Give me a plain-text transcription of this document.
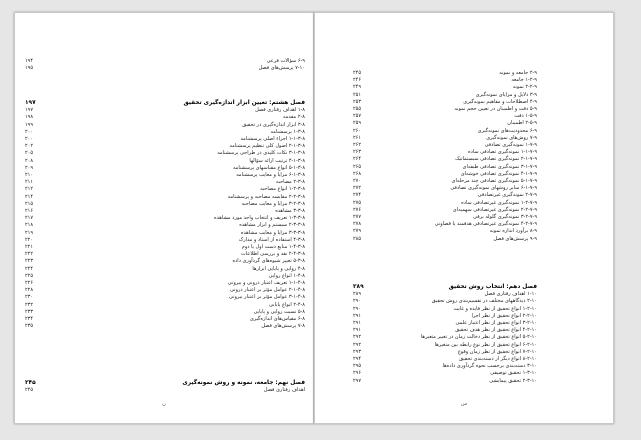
ن
۱۹۴	۶-۹ سؤالات فرعی
۱۹۵	۷-۱۰ پرسش‌های فصل
۱۹۷	فصل هشتم: تعیین ابزار اندازه‌گیری تحقیق
۱۹۷	۱-۸ اهداف رفتاری فصل
۱۹۸	۲-۸ مقدمه
۱۹۹	۳-۸ ابزار اندازه‌گیری در تحقیق
۲۰۰	۱-۳-۸ پرسشنامه
۲۰۰	۱-۱-۳-۸ اجزاء اصلی پرسشنامه
۲۰۲	۲-۱-۳-۸ اصول کلی تنظیم پرسشنامه
۲۰۵	۳-۱-۳-۸ نکات کلیدی در طراحی پرسشنامه
۲۰۸	۴-۱-۳-۸ ترتیب ارائه سؤالها
۲۰۹	۵-۱-۳-۸ انواع مقیاسهای پرسشنامه
۲۱۰	۶-۱-۳-۸ مزایا و معایب پرسشنامه
۲۱۱	۲-۳-۸ مصاحبه
۲۱۲	۱-۲-۳-۸ انواع مصاحبه
۲۱۴	۲-۲-۳-۸ مقایسه مصاحبه و پرسشنامه
۲۱۵	۳-۲-۳-۸ مزایا و معایب مصاحبه
۲۱۶	۳-۳-۸ مشاهده
۲۱۷	۱-۳-۳-۸ تعریف و انتخاب واحد مورد مشاهده
۲۱۸	۲-۳-۳-۸ سیستم و ابزار مشاهده
۲۱۹	۳-۳-۳-۸ مزایا و معایب مشاهده
۲۲۰	۴-۳-۸ استفاده از اسناد و مدارک
۲۲۱	۱-۴-۳-۸ منابع دست اول یا دوم
۲۲۲	۲-۴-۳-۸ نقد و بررسی اطلاعات
۲۲۳	۵-۳-۸ تغییر شیوه‌های گردآوری داده
۲۲۴	۴-۸ روایی و پایایی ابزارها
۲۲۵	۱-۴-۸ انواع روایی
۲۲۶	۱-۱-۴-۸ تعریف اعتبار درونی و بیرونی
۲۲۸	۲-۱-۴-۸ عوامل مؤثر بر اعتبار درونی
۲۳۰	۳-۱-۴-۸ عوامل مؤثر بر اعتبار بیرونی
۲۳۲	۲-۴-۸ انواع پایایی
۲۳۳	۵-۸ نسبت روایی و پایایی
۲۳۴	۶-۸ مقیاس‌های اندازه‌گیری
۲۳۵	۷-۸ پرسش‌های فصل
۲۴۵	فصل نهم: جامعه، نمونه و روش نمونه‌گیری
۲۴۵	اهداف رفتاری فصل
س
۲۴۵	۲-۹ جامعه و نمونه
۲۴۶	۱-۲-۹ جامعه
۲۴۹	۲-۲-۹ نمونه
۲۵۱	۳-۹ دلایل و مزایای نمونه‌گیری
۲۵۳	۴-۹ اصطلاحات و مفاهیم نمونه‌گیری
۲۵۵	۵-۹ دقت و اطمینان در تعیین حجم نمونه
۲۵۷	۱-۵-۹ دقت
۲۵۹	۲-۵-۹ اطمینان
۲۶۰	۶-۹ محدودیت‌های نمونه‌گیری
۲۶۱	۷-۹ روش‌های نمونه‌گیری
۲۶۲	۱-۷-۹ نمونه‌گیری تصادفی
۲۶۳	۱-۱-۷-۹ نمونه‌گیری تصادفی ساده
۲۶۴	۲-۱-۷-۹ نمونه‌گیری تصادفی سیستماتیک
۲۶۵	۳-۱-۷-۹ نمونه‌گیری تصادفی طبقه‌ای
۲۶۸	۴-۱-۷-۹ نمونه‌گیری تصادفی خوشه‌ای
۲۷۰	۵-۱-۷-۹ نمونه‌گیری تصادفی چند مرحله‌ای
۲۷۲	۶-۱-۷-۹ سایر روشهای نمونه‌گیری تصادفی
۲۷۴	۲-۷-۹ نمونه‌گیری غیرتصادفی
۲۷۵	۱-۲-۷-۹ نمونه‌گیری غیرتصادفی ساده
۲۷۶	۲-۲-۷-۹ نمونه‌گیری غیرتصادفی سهمیه‌ای
۲۷۷	۳-۲-۷-۹ نمونه‌گیری گلوله برفی
۲۷۸	۴-۲-۷-۹ نمونه‌گیری غیرتصادفی هدفمند یا قضاوتی
۲۷۹	۸-۹ برآورد اندازه نمونه
۲۸۵	۹-۹ پرسش‌های فصل
۲۸۹	فصل دهم: انتخاب روش تحقیق
۲۸۹	۱-۱۰ اهداف رفتاری فصل
۲۹۰	۲-۱۰ دیدگاههای مختلف در تقسیم‌بندی روش تحقیق
۲۹۰	۱-۲-۱۰ انواع تحقیق از نظر فایده و غایت
۲۹۱	۲-۲-۱۰ انواع تحقیق از نظر اجرا
۲۹۱	۳-۲-۱۰ انواع تحقیق از نظر اعتبار علمی
۲۹۱	۴-۲-۱۰ انواع تحقیق از نظر هدف تحقیق
۲۹۲	۵-۲-۱۰ انواع تحقیق از نظر دخالت زمان در تغییر متغیرها
۲۹۲	۶-۲-۱۰ انواع تحقیق از نظر نوع رابطه بین متغیرها
۲۹۳	۷-۲-۱۰ انواع تحقیق از نظر زمان وقوع
۲۹۴	۸-۲-۱۰ انواع دیگر از دسته‌بندی تحقیق
۲۹۵	۳-۱۰ دسته‌بندی برحسب نحوه گردآوری داده‌ها
۲۹۶	۱-۳-۱۰ تحقیق توصیفی
۲۹۷	۲-۳-۱۰ تحقیق پیمایشی
